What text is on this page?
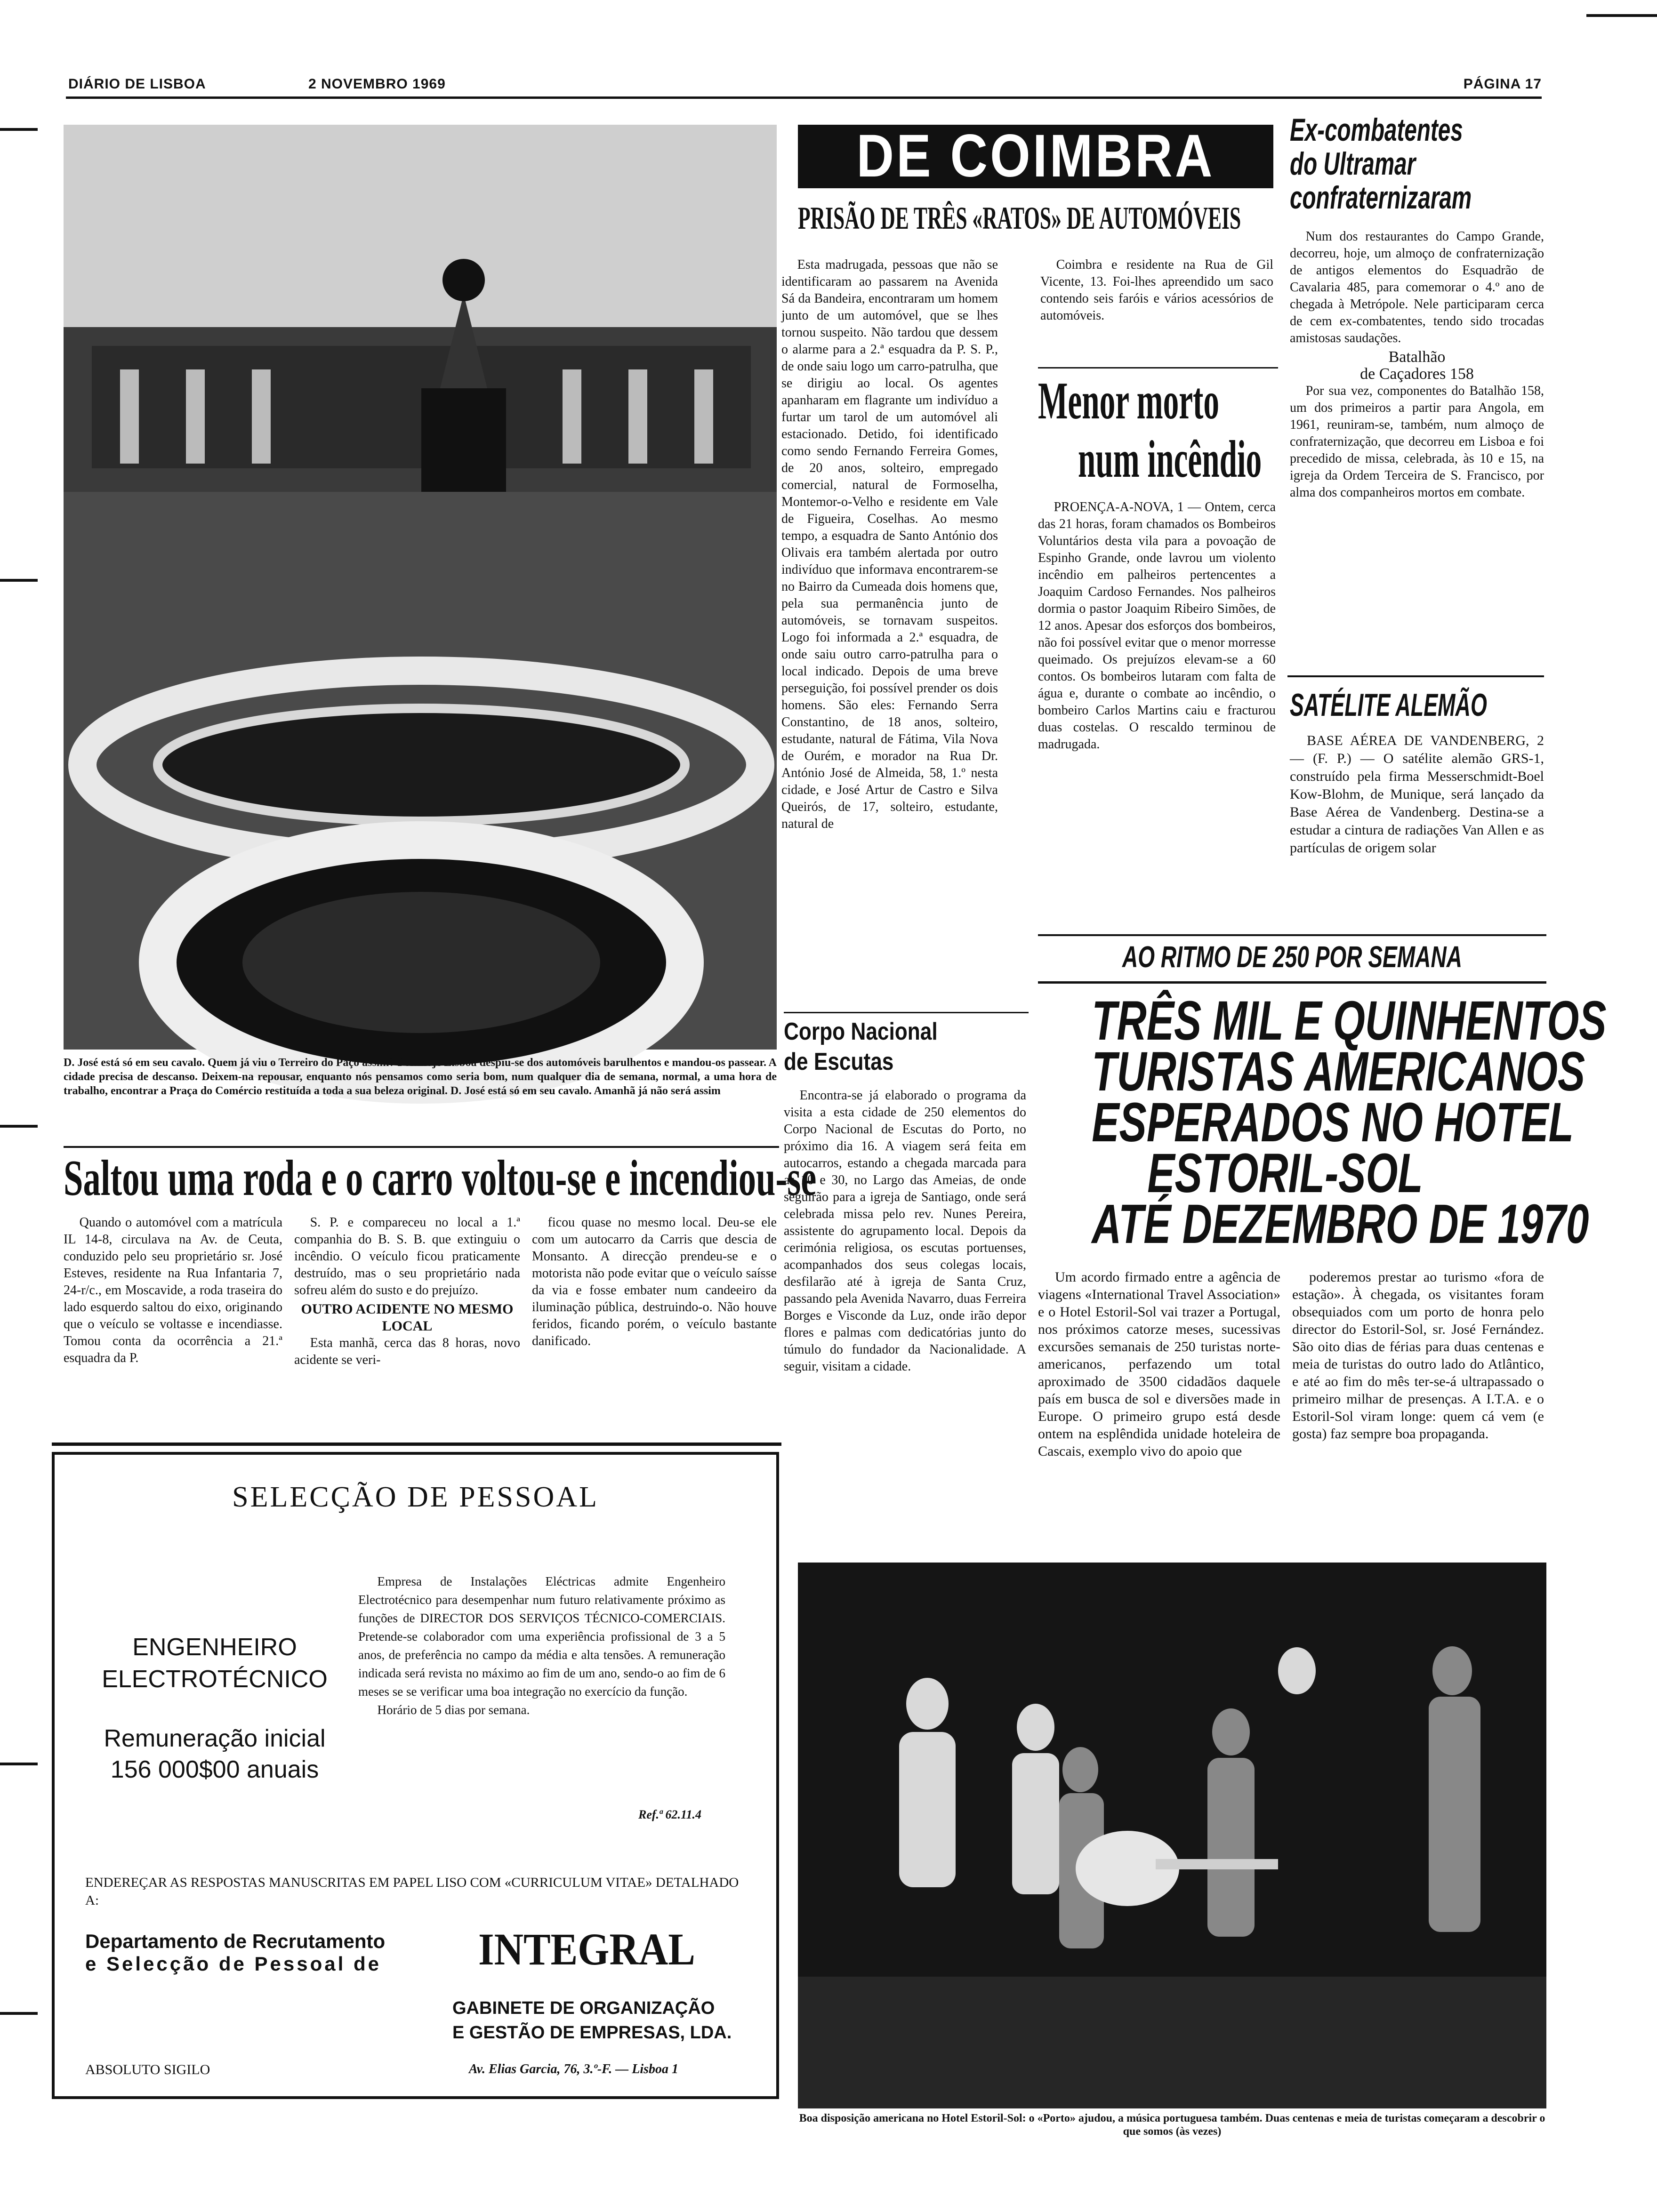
DIÁRIO DE LISBOA	2 NOVEMBRO 1969	PÁGINA 17
D. José está só em seu cavalo. Quem já viu o Terreiro do Paço assim? Pois hoje Lisboa despiu-se dos automóveis barulhentos e mandou-os passear. A cidade precisa de descanso. Deixem-na repousar, enquanto nós pensamos como seria bom, num qualquer dia de semana, normal, a uma hora de trabalho, encontrar a Praça do Comércio restituída a toda a sua beleza original. D. José está só em seu cavalo. Amanhã já não será assim
Saltou uma roda e o carro voltou-se e incendiou-se

Quando o automóvel com a matrícula IL 14-8, circulava na Av. de Ceuta, conduzido pelo seu proprietário sr. José Esteves, residente na Rua Infantaria 7, 24-r/c., em Moscavide, a roda traseira do lado esquerdo saltou do eixo, originando que o veículo se voltasse e incendiasse. Tomou conta da ocorrência a 21.ª esquadra da P.

S. P. e compareceu no local a 1.ª companhia do B. S. B. que extinguiu o incêndio. O veículo ficou praticamente destruído, mas o seu proprietário nada sofreu além do susto e do prejuízo.

OUTRO ACIDENTE NO MESMO LOCAL

Esta manhã, cerca das 8 horas, novo acidente se veri-

ficou quase no mesmo local. Deu-se ele com um autocarro da Carris que descia de Monsanto. A direcção prendeu-se e o motorista não pode evitar que o veículo saísse da via e fosse embater num candeeiro da iluminação pública, destruindo-o. Não houve feridos, ficando porém, o veículo bastante danificado.

SELECÇÃO DE PESSOAL
ENGENHEIRO
ELECTROTÉCNICO
Remuneração inicial
156 000$00 anuais

Empresa de Instalações Eléctricas admite Engenheiro Electrotécnico para desempenhar num futuro relativamente próximo as funções de DIRECTOR DOS SERVIÇOS TÉCNICO-COMERCIAIS. Pretende-se colaborador com uma experiência profissional de 3 a 5 anos, de preferência no campo da média e alta tensões. A remuneração indicada será revista no máximo ao fim de um ano, sendo-o ao fim de 6 meses se se verificar uma boa integração no exercício da função.

Horário de 5 dias por semana.

Ref.ª 62.11.4
ENDEREÇAR AS RESPOSTAS MANUSCRITAS EM PAPEL LISO COM «CURRICULUM VITAE» DETALHADO A:
Departamento de Recrutamento
e Selecção de Pessoal de INTEGRAL
GABINETE DE ORGANIZAÇÃO
E GESTÃO DE EMPRESAS, LDA.
ABSOLUTO SIGILO	Av. Elias Garcia, 76, 3.º-F. — Lisboa 1
DE COIMBRA
PRISÃO DE TRÊS «RATOS» DE AUTOMÓVEIS

Esta madrugada, pessoas que não se identificaram ao passarem na Avenida Sá da Bandeira, encontraram um homem junto de um automóvel, que se lhes tornou suspeito. Não tardou que dessem o alarme para a 2.ª esquadra da P. S. P., de onde saiu logo um carro-patrulha, que se dirigiu ao local. Os agentes apanharam em flagrante um indivíduo a furtar um tarol de um automóvel ali estacionado. Detido, foi identificado como sendo Fernando Ferreira Gomes, de 20 anos, solteiro, empregado comercial, natural de Formoselha, Montemor-o-Velho e residente em Vale de Figueira, Coselhas. Ao mesmo tempo, a esquadra de Santo António dos Olivais era também alertada por outro indivíduo que informava encontrarem-se no Bairro da Cumeada dois homens que, pela sua permanência junto de automóveis, se tornavam suspeitos. Logo foi informada a 2.ª esquadra, de onde saiu outro carro-patrulha para o local indicado. Depois de uma breve perseguição, foi possível prender os dois homens. São eles: Fernando Serra Constantino, de 18 anos, solteiro, estudante, natural de Fátima, Vila Nova de Ourém, e morador na Rua Dr. António José de Almeida, 58, 1.º nesta cidade, e José Artur de Castro e Silva Queirós, de 17, solteiro, estudante, natural de

Coimbra e residente na Rua de Gil Vicente, 13. Foi-lhes apreendido um saco contendo seis faróis e vários acessórios de automóveis.

Menor morto
num incêndio

PROENÇA-A-NOVA, 1 — Ontem, cerca das 21 horas, foram chamados os Bombeiros Voluntários desta vila para a povoação de Espinho Grande, onde lavrou um violento incêndio em palheiros pertencentes a Joaquim Cardoso Fernandes. Nos palheiros dormia o pastor Joaquim Ribeiro Simões, de 12 anos. Apesar dos esforços dos bombeiros, não foi possível evitar que o menor morresse queimado. Os prejuízos elevam-se a 60 contos. Os bombeiros lutaram com falta de água e, durante o combate ao incêndio, o bombeiro Carlos Martins caiu e fracturou duas costelas. O rescaldo terminou de madrugada.

Ex-combatentes
do Ultramar
confraternizaram

Num dos restaurantes do Campo Grande, decorreu, hoje, um almoço de confraternização de antigos elementos do Esquadrão de Cavalaria 485, para comemorar o 4.º ano de chegada à Metrópole. Nele participaram cerca de cem ex-combatentes, tendo sido trocadas amistosas saudações.

Batalhão
de Caçadores 158

Por sua vez, componentes do Batalhão 158, um dos primeiros a partir para Angola, em 1961, reuniram-se, também, num almoço de confraternização, que decorreu em Lisboa e foi precedido de missa, celebrada, às 10 e 15, na igreja da Ordem Terceira de S. Francisco, por alma dos companheiros mortos em combate.

SATÉLITE ALEMÃO

BASE AÉREA DE VANDENBERG, 2 — (F. P.) — O satélite alemão GRS-1, construído pela firma Messerschmidt-Boel Kow-Blohm, de Munique, será lançado da Base Aérea de Vandenberg. Destina-se a estudar a cintura de radiações Van Allen e as partículas de origem solar

AO RITMO DE 250 POR SEMANA
TRÊS MIL E QUINHENTOS
TURISTAS AMERICANOS
ESPERADOS NO HOTEL
ESTORIL-SOL
ATÉ DEZEMBRO DE 1970

Um acordo firmado entre a agência de viagens «International Travel Association» e o Hotel Estoril-Sol vai trazer a Portugal, nos próximos catorze meses, sucessivas excursões semanais de 250 turistas norte-americanos, perfazendo um total aproximado de 3500 cidadãos daquele país em busca de sol e diversões made in Europe. O primeiro grupo está desde ontem na esplêndida unidade hoteleira de Cascais, exemplo vivo do apoio que

poderemos prestar ao turismo «fora de estação». À chegada, os visitantes foram obsequiados com um porto de honra pelo director do Estoril-Sol, sr. José Fernández. São oito dias de férias para duas centenas e meia de turistas do outro lado do Atlântico, e até ao fim do mês ter-se-á ultrapassado o primeiro milhar de presenças. A I.T.A. e o Estoril-Sol viram longe: quem cá vem (e gosta) faz sempre boa propaganda.

Corpo Nacional
de Escutas

Encontra-se já elaborado o programa da visita a esta cidade de 250 elementos do Corpo Nacional de Escutas do Porto, no próximo dia 16. A viagem será feita em autocarros, estando a chegada marcada para as 10 e 30, no Largo das Ameias, de onde seguirão para a igreja de Santiago, onde será celebrada missa pelo rev. Nunes Pereira, assistente do agrupamento local. Depois da cerimónia religiosa, os escutas portuenses, acompanhados dos seus colegas locais, desfilarão até à igreja de Santa Cruz, passando pela Avenida Navarro, duas Ferreira Borges e Visconde da Luz, onde irão depor flores e palmas com dedicatórias junto do túmulo do fundador da Nacionalidade. A seguir, visitam a cidade.

Boa disposição americana no Hotel Estoril-Sol: o «Porto» ajudou, a música portuguesa também. Duas centenas e meia de turistas começaram a descobrir o que somos (às vezes)
